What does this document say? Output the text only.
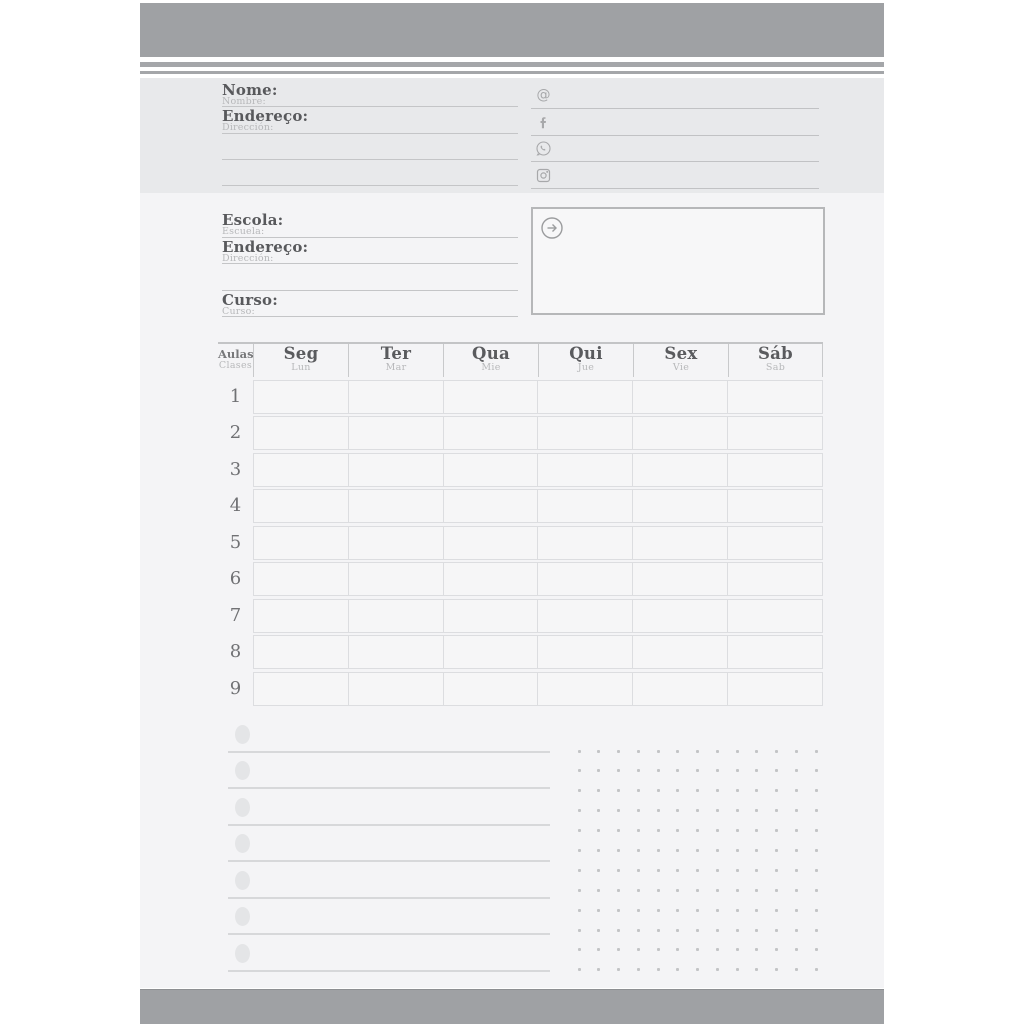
Nome:
Nombre:
Endereço:
Dirección:
@
Escola:
Escuela:
Endereço:
Dirección:
Curso:
Curso:
Aulas
Clases
Seg
Lun
Ter
Mar
Qua
Mie
Qui
Jue
Sex
Vie
Sáb
Sab
1
2
3
4
5
6
7
8
9
